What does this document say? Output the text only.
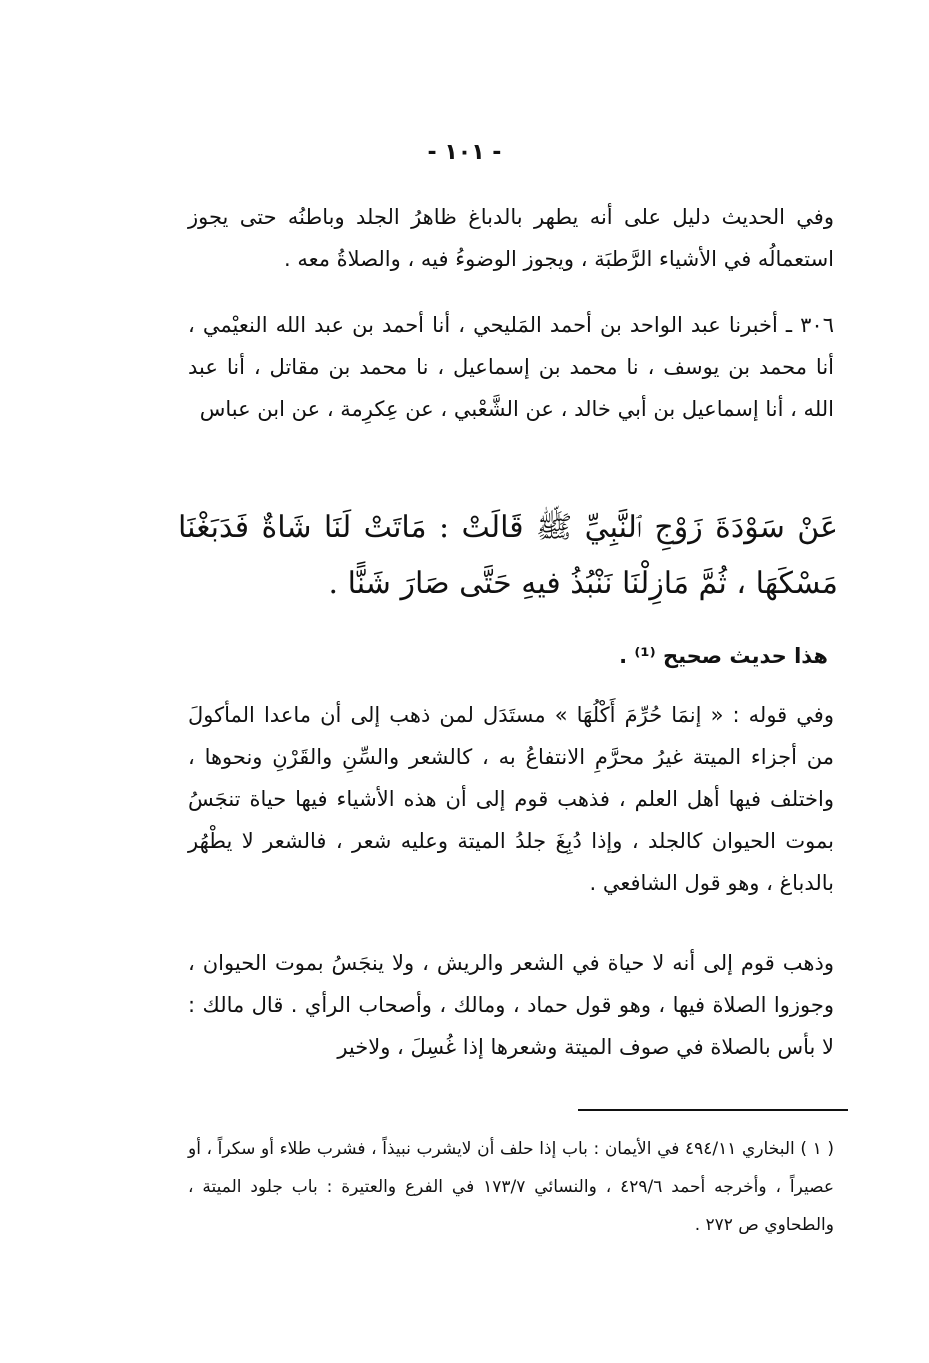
- ١٠١ -

وفي الحديث دليل على أنه يطهر بالدباغ ظاهرُ الجلد وباطنُه حتى يجوز استعمالُه في الأشياء الرَّطبَة ، ويجوز الوضوءُ فيه ، والصلاةُ معه .

٣٠٦ ـ أخبرنا عبد الواحد بن أحمد المَليحي ، أنا أحمد بن عبد الله النعيْمي ، أنا محمد بن يوسف ، نا محمد بن إسماعيل ، نا محمد بن مقاتل ، أنا عبد الله ، أنا إسماعيل بن أبي خالد ، عن الشَّعْبي ، عن عِكرِمة ، عن ابن عباس

عَنْ سَوْدَةَ زَوْجِ ٱلنَّبِيِّ ﷺ قَالَتْ : مَاتَتْ لَنَا شَاةٌ فَدَبَغْنَا مَسْكَهَا ، ثُمَّ مَازِلْنَا نَنْبُذُ فيهِ حَتَّى صَارَ شَنًّا .

هذا حديث صحيح ⁽¹⁾ .

وفي قوله : « إنمَا حُرِّمَ أَكْلُهَا » مستَدَل لمن ذهب إلى أن ماعدا المأكولَ من أجزاء الميتة غيرُ محرَّمِ الانتفاعُ به ، كالشعر والسِّنِ والقَرْنِ ونحوها ، واختلف فيها أهل العلم ، فذهب قوم إلى أن هذه الأشياء فيها حياة تنجَسُ بموت الحيوان كالجلد ، وإذا دُبِغَ جلدُ الميتة وعليه شعر ، فالشعر لا يطْهُر بالدباغ ، وهو قول الشافعي .

وذهب قوم إلى أنه لا حياة في الشعر والريش ، ولا ينجَسُ بموت الحيوان ، وجوزوا الصلاة فيها ، وهو قول حماد ، ومالك ، وأصحاب الرأي . قال مالك : لا بأس بالصلاة في صوف الميتة وشعرها إذا غُسِلَ ، ولاخير

( ١ ) البخاري ٤٩٤/١١ في الأيمان : باب إذا حلف أن لايشرب نبيذاً ، فشرب طلاء أو سكراً ، أو عصيراً ، وأخرجه أحمد ٤٢٩/٦ ، والنسائي ١٧٣/٧ في الفرع والعتيرة : باب جلود الميتة ، والطحاوي ص ٢٧٢ .
